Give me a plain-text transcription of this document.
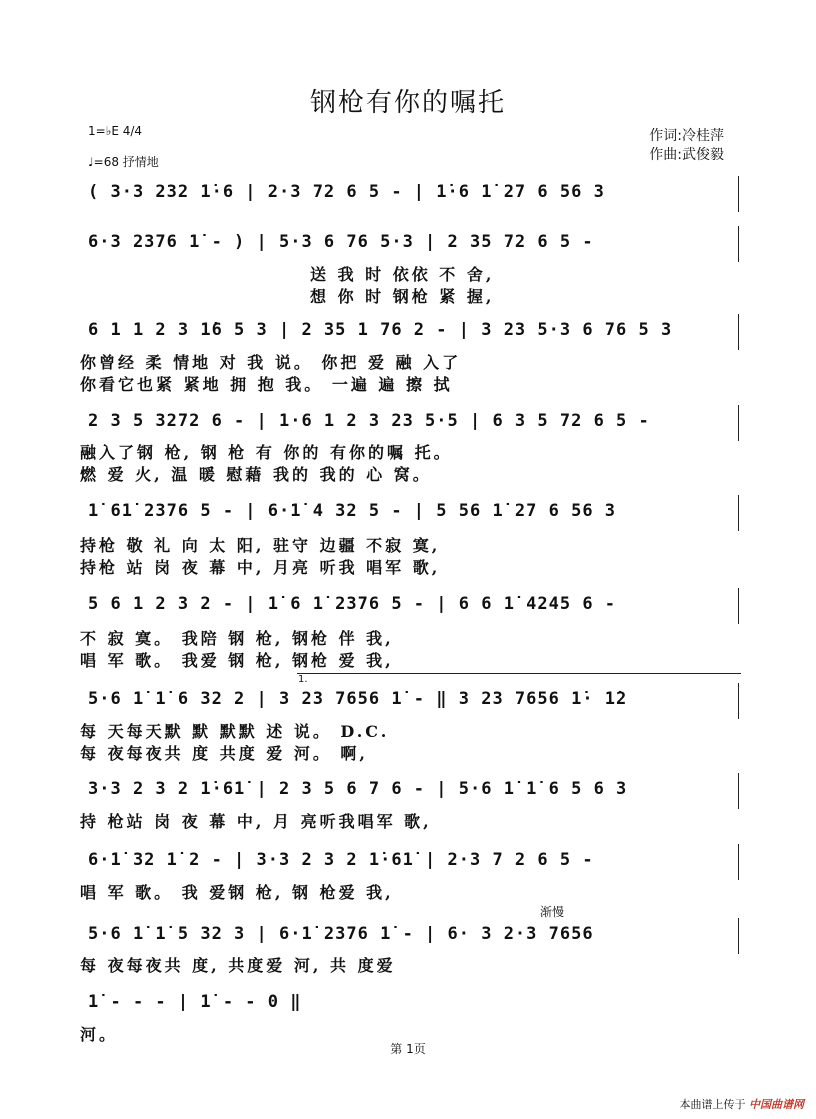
钢枪有你的嘱托
1=♭E 4/4
♩=68 抒情地
作词:冷桂萍
作曲:武俊毅
( 3·3 232 1̇·6 | 2·3 72 6 5 - | 1̇·6 1̇ 27 6 56 3
6·3 2376 1̇ - ) | 5·3 6 76 5·3 | 2 35 72 6 5 -
送 我 时 依依 不 舍,
想 你 时 钢枪 紧 握,
6 1 1 2 3 1̇6 5 3 | 2 35 1 76 2 - | 3 23 5·3 6 76 5 3
你曾经 柔 情地 对 我 说。 你把 爱 融 入了
你看它也紧 紧地 拥 抱 我。 一遍 遍 擦 拭
2 3 5 3272 6 - | 1·6 1 2 3 23 5·5 | 6 3 5 72 6 5 -
融入了钢 枪, 钢 枪 有 你的 有你的嘱 托。
燃 爱 火, 温 暖 慰藉 我的 我的 心 窝。
1̇ 61̇ 2376 5 - | 6·1̇ 4 32 5 - | 5 56 1̇ 27 6 56 3
持枪 敬 礼 向 太 阳, 驻守 边疆 不寂 寞,
持枪 站 岗 夜 幕 中, 月亮 听我 唱军 歌,
5 6 1 2 3 2 - | 1̇ 6 1̇ 2376 5 - | 6 6 1̇ 4245 6 -
不 寂 寞。 我陪 钢 枪, 钢枪 伴 我,
唱 军 歌。 我爱 钢 枪, 钢枪 爱 我,
1.
5·6 1̇ 1̇ 6 32 2 | 3 23 7656 1̇ - ‖ 3 23 7656 1̇· 1̇2
每 天每天默 默 默默 述 说。 D.C.
每 夜每夜共 度 共度 爱 河。 啊,
3·3 2 3 2 1̇·61̇ | 2 3 5 6 7 6 - | 5·6 1̇ 1̇ 6 5 6 3
持 枪站 岗 夜 幕 中, 月 亮听我唱军 歌,
6·1̇ 32 1̇ 2 - | 3·3 2 3 2 1̇·61̇ | 2·3 7 2 6 5 -
唱 军 歌。 我 爱钢 枪, 钢 枪爱 我,
渐慢
5·6 1̇ 1̇ 5 32 3 | 6·1̇ 2376 1̇ - | 6· 3 2·3 7656
每 夜每夜共 度, 共度爱 河, 共 度爱
1̇ - - - | 1̇ - - 0 ‖
河。
第 1页
本曲谱上传于 中国曲谱网
